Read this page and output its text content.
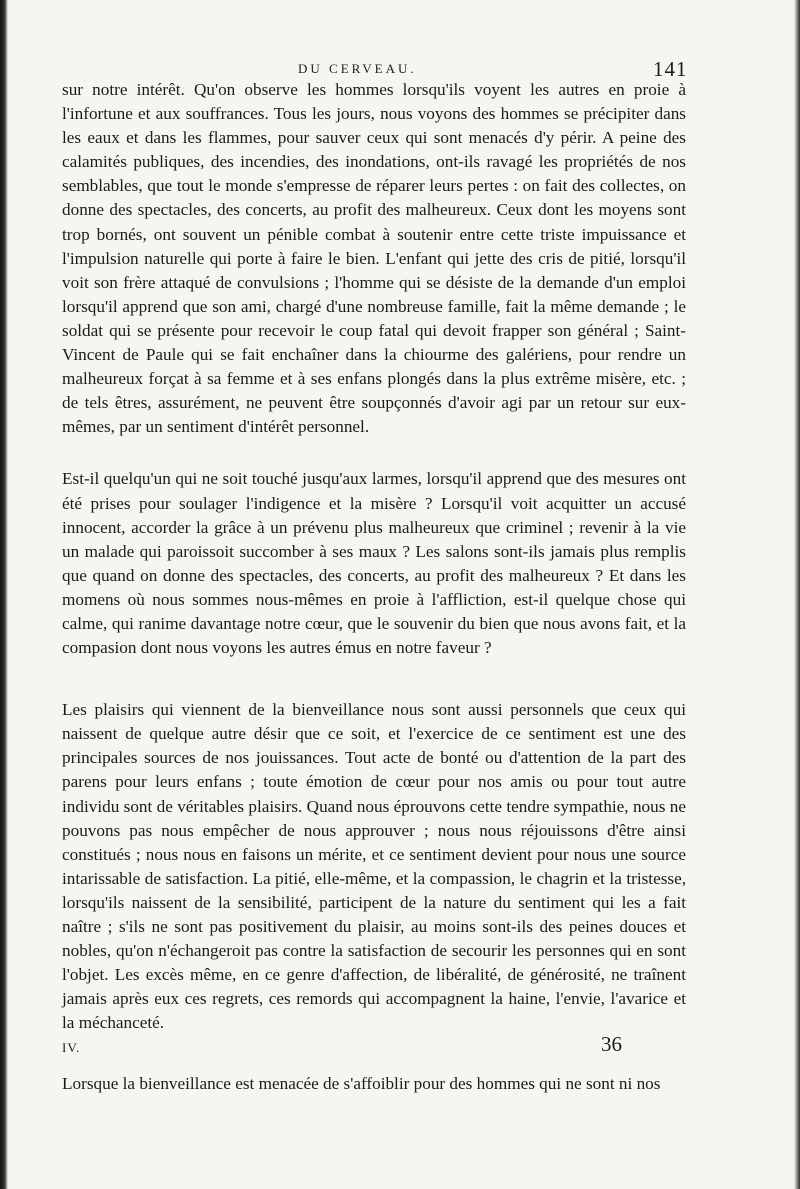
DU CERVEAU.	141

sur notre intérêt. Qu'on observe les hommes lorsqu'ils voyent les autres en proie à l'infortune et aux souffrances. Tous les jours, nous voyons des hommes se précipiter dans les eaux et dans les flammes, pour sauver ceux qui sont menacés d'y périr. A peine des calamités publiques, des incendies, des inondations, ont-ils ravagé les propriétés de nos semblables, que tout le monde s'empresse de réparer leurs pertes : on fait des collectes, on donne des spectacles, des concerts, au profit des malheureux. Ceux dont les moyens sont trop bornés, ont souvent un pénible combat à soutenir entre cette triste impuissance et l'impulsion naturelle qui porte à faire le bien. L'enfant qui jette des cris de pitié, lorsqu'il voit son frère attaqué de convulsions ; l'homme qui se désiste de la demande d'un emploi lorsqu'il apprend que son ami, chargé d'une nombreuse famille, fait la même demande ; le soldat qui se présente pour recevoir le coup fatal qui devoit frapper son général ; Saint-Vincent de Paule qui se fait enchaîner dans la chiourme des galériens, pour rendre un malheureux forçat à sa femme et à ses enfans plongés dans la plus extrême misère, etc. ; de tels êtres, assurément, ne peuvent être soupçonnés d'avoir agi par un retour sur eux-mêmes, par un sentiment d'intérêt personnel.

Est-il quelqu'un qui ne soit touché jusqu'aux larmes, lorsqu'il apprend que des mesures ont été prises pour soulager l'indigence et la misère ? Lorsqu'il voit acquitter un accusé innocent, accorder la grâce à un prévenu plus malheureux que criminel ; revenir à la vie un malade qui paroissoit succomber à ses maux ? Les salons sont-ils jamais plus remplis que quand on donne des spectacles, des concerts, au profit des malheureux ? Et dans les momens où nous sommes nous-mêmes en proie à l'affliction, est-il quelque chose qui calme, qui ranime davantage notre cœur, que le souvenir du bien que nous avons fait, et la compasion dont nous voyons les autres émus en notre faveur ?

Les plaisirs qui viennent de la bienveillance nous sont aussi personnels que ceux qui naissent de quelque autre désir que ce soit, et l'exercice de ce sentiment est une des principales sources de nos jouissances. Tout acte de bonté ou d'attention de la part des parens pour leurs enfans ; toute émotion de cœur pour nos amis ou pour tout autre individu sont de véritables plaisirs. Quand nous éprouvons cette tendre sympathie, nous ne pouvons pas nous empêcher de nous approuver ; nous nous réjouissons d'être ainsi constitués ; nous nous en faisons un mérite, et ce sentiment devient pour nous une source intarissable de satisfaction. La pitié, elle-même, et la compassion, le chagrin et la tristesse, lorsqu'ils naissent de la sensibilité, participent de la nature du sentiment qui les a fait naître ; s'ils ne sont pas positivement du plaisir, au moins sont-ils des peines douces et nobles, qu'on n'échangeroit pas contre la satisfaction de secourir les personnes qui en sont l'objet. Les excès même, en ce genre d'affection, de libéralité, de générosité, ne traînent jamais après eux ces regrets, ces remords qui accompagnent la haine, l'envie, l'avarice et la méchanceté.

Lorsque la bienveillance est menacée de s'affoiblir pour des hommes qui ne sont ni nos

IV.	36
